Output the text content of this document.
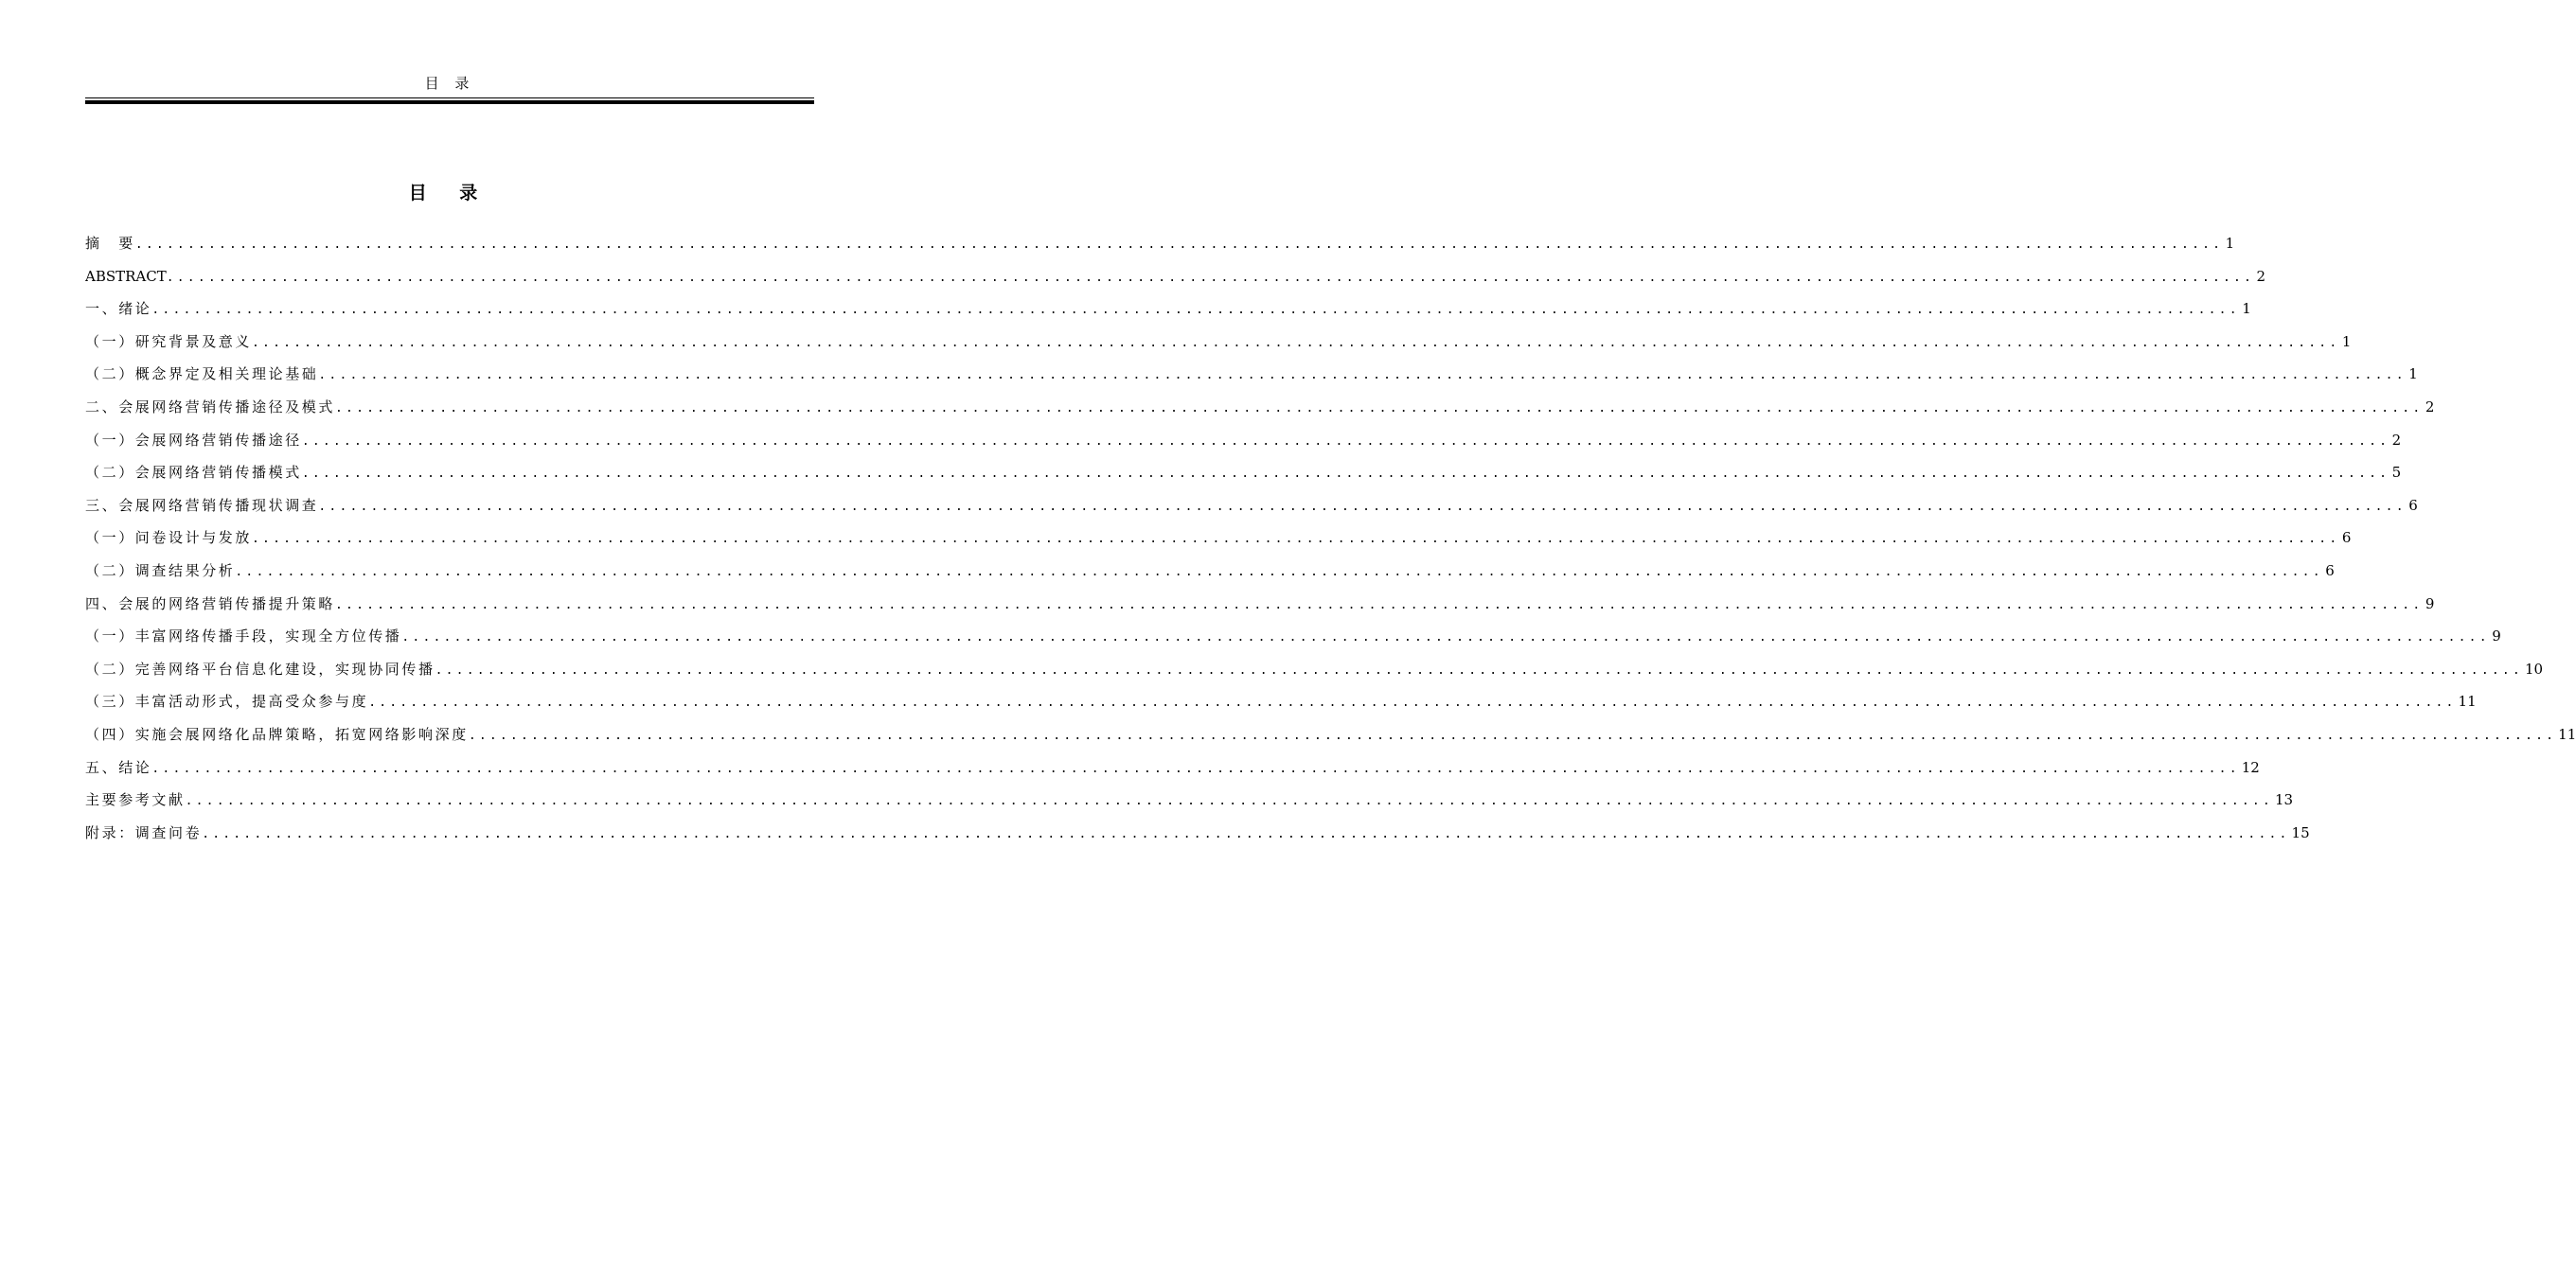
目 录
目 录
摘　要 ........................................................................................................................................................................................................ 1
ABSTRACT ........................................................................................................................................................................................................ 2
一、绪论 ........................................................................................................................................................................................................ 1
（一）研究背景及意义 ........................................................................................................................................................................................................ 1
（二）概念界定及相关理论基础 ........................................................................................................................................................................................................ 1
二、会展网络营销传播途径及模式 ........................................................................................................................................................................................................ 2
（一）会展网络营销传播途径 ........................................................................................................................................................................................................ 2
（二）会展网络营销传播模式 ........................................................................................................................................................................................................ 5
三、会展网络营销传播现状调查 ........................................................................................................................................................................................................ 6
（一）问卷设计与发放 ........................................................................................................................................................................................................ 6
（二）调查结果分析 ........................................................................................................................................................................................................ 6
四、会展的网络营销传播提升策略 ........................................................................................................................................................................................................ 9
（一）丰富网络传播手段，实现全方位传播 ........................................................................................................................................................................................................ 9
（二）完善网络平台信息化建设，实现协同传播 ........................................................................................................................................................................................................ 10
（三）丰富活动形式，提高受众参与度 ........................................................................................................................................................................................................ 11
（四）实施会展网络化品牌策略，拓宽网络影响深度 ........................................................................................................................................................................................................ 11
五、结论 ........................................................................................................................................................................................................ 12
主要参考文献 ........................................................................................................................................................................................................ 13
附录：调查问卷 ........................................................................................................................................................................................................ 15
